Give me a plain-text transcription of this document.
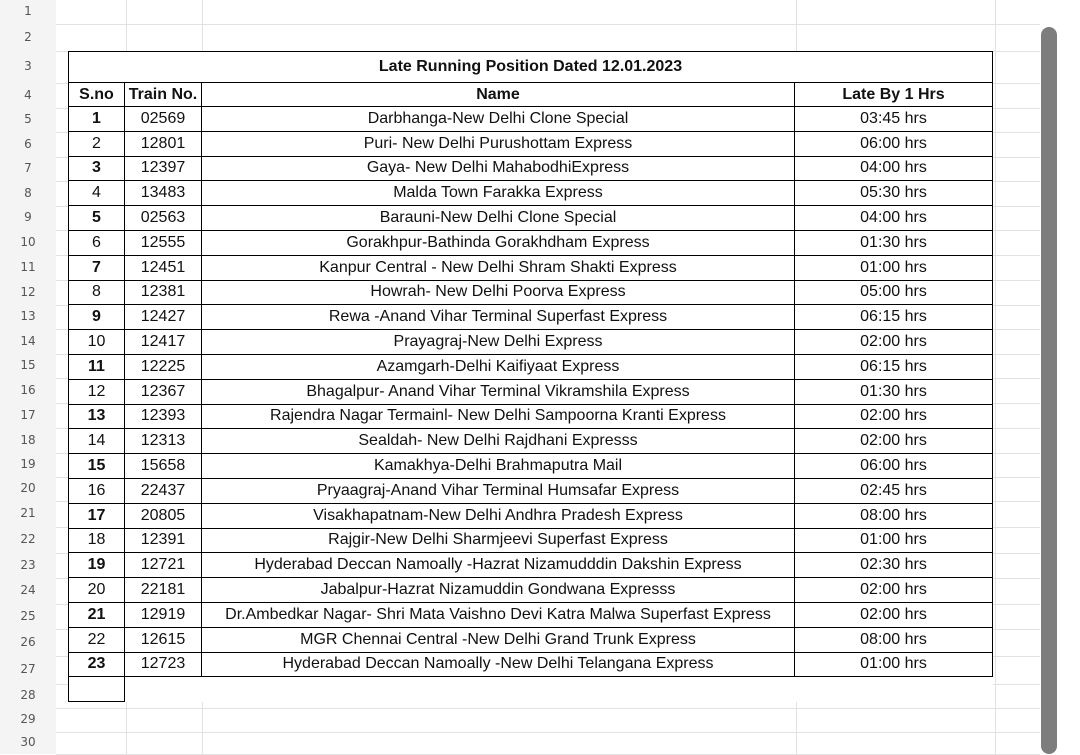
1
2
3
4
5
6
7
8
9
10
11
12
13
14
15
16
17
18
19
20
21
22
23
24
25
26
27
28
29
30
Late Running Position Dated 12.01.2023			
S.no	Train No.	Name	Late By 1 Hrs
1	02569	Darbhanga-New Delhi Clone Special	03:45 hrs
2	12801	Puri- New Delhi Purushottam Express	06:00 hrs
3	12397	Gaya- New Delhi MahabodhiExpress	04:00 hrs
4	13483	Malda Town Farakka Express	05:30 hrs
5	02563	Barauni-New Delhi Clone Special	04:00 hrs
6	12555	Gorakhpur-Bathinda Gorakhdham Express	01:30 hrs
7	12451	Kanpur Central - New Delhi Shram Shakti Express	01:00 hrs
8	12381	Howrah- New Delhi Poorva Express	05:00 hrs
9	12427	Rewa -Anand Vihar Terminal Superfast Express	06:15 hrs
10	12417	Prayagraj-New Delhi Express	02:00 hrs
11	12225	Azamgarh-Delhi Kaifiyaat Express	06:15 hrs
12	12367	Bhagalpur- Anand Vihar Terminal Vikramshila Express	01:30 hrs
13	12393	Rajendra Nagar Termainl- New Delhi Sampoorna Kranti Express	02:00 hrs
14	12313	Sealdah- New Delhi Rajdhani Expresss	02:00 hrs
15	15658	Kamakhya-Delhi Brahmaputra Mail	06:00 hrs
16	22437	Pryaagraj-Anand Vihar Terminal Humsafar Express	02:45 hrs
17	20805	Visakhapatnam-New Delhi Andhra Pradesh Express	08:00 hrs
18	12391	Rajgir-New Delhi Sharmjeevi Superfast Express	01:00 hrs
19	12721	Hyderabad Deccan Namoally -Hazrat Nizamudddin Dakshin Express	02:30 hrs
20	22181	Jabalpur-Hazrat Nizamuddin Gondwana Expresss	02:00 hrs
21	12919	Dr.Ambedkar Nagar- Shri Mata Vaishno Devi Katra Malwa Superfast Express	02:00 hrs
22	12615	MGR Chennai Central -New Delhi Grand Trunk Express	08:00 hrs
23	12723	Hyderabad Deccan Namoally -New Delhi Telangana Express	01:00 hrs
